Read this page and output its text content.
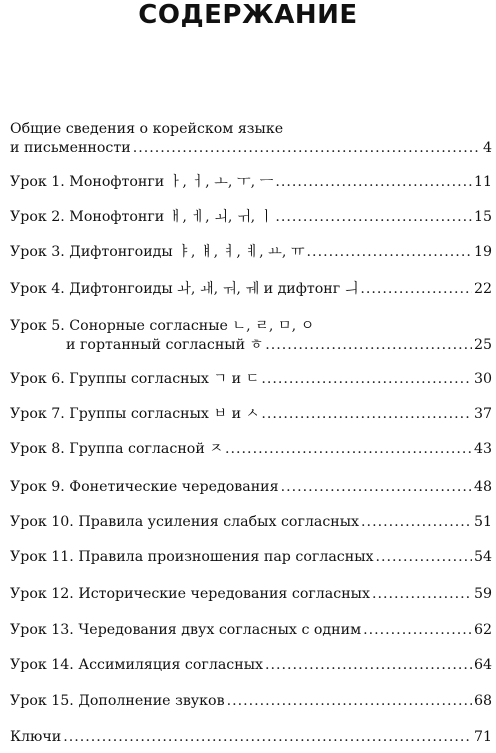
СОДЕРЖАНИЕ
Общие сведения о корейском языке
и письменности .....	4
Урок 1. Монофтонги ㅏ, ㅓ, ㅗ, ㅜ, ㅡ .....	11
Урок 2. Монофтонги ㅐ, ㅔ, ㅚ, ㅟ, ㅣ .....	15
Урок 3. Дифтонгоиды ㅑ, ㅒ, ㅕ, ㅖ, ㅛ, ㅠ .....	19
Урок 4. Дифтонгоиды ㅘ, ㅙ, ㅝ, ㅞ и дифтонг ㅢ .....	22
Урок 5. Сонорные согласные ㄴ, ㄹ, ㅁ, ㅇ
и гортанный согласный ㅎ .....	25
Урок 6. Группы согласных ㄱ и ㄷ .....	30
Урок 7. Группы согласных ㅂ и ㅅ .....	37
Урок 8. Группа согласной ㅈ .....	43
Урок 9. Фонетические чередования .....	48
Урок 10. Правила усиления слабых согласных .....	51
Урок 11. Правила произношения пар согласных .....	54
Урок 12. Исторические чередования согласных .....	59
Урок 13. Чередования двух согласных с одним .....	62
Урок 14. Ассимиляция согласных .....	64
Урок 15. Дополнение звуков .....	68
Ключи .....	71
